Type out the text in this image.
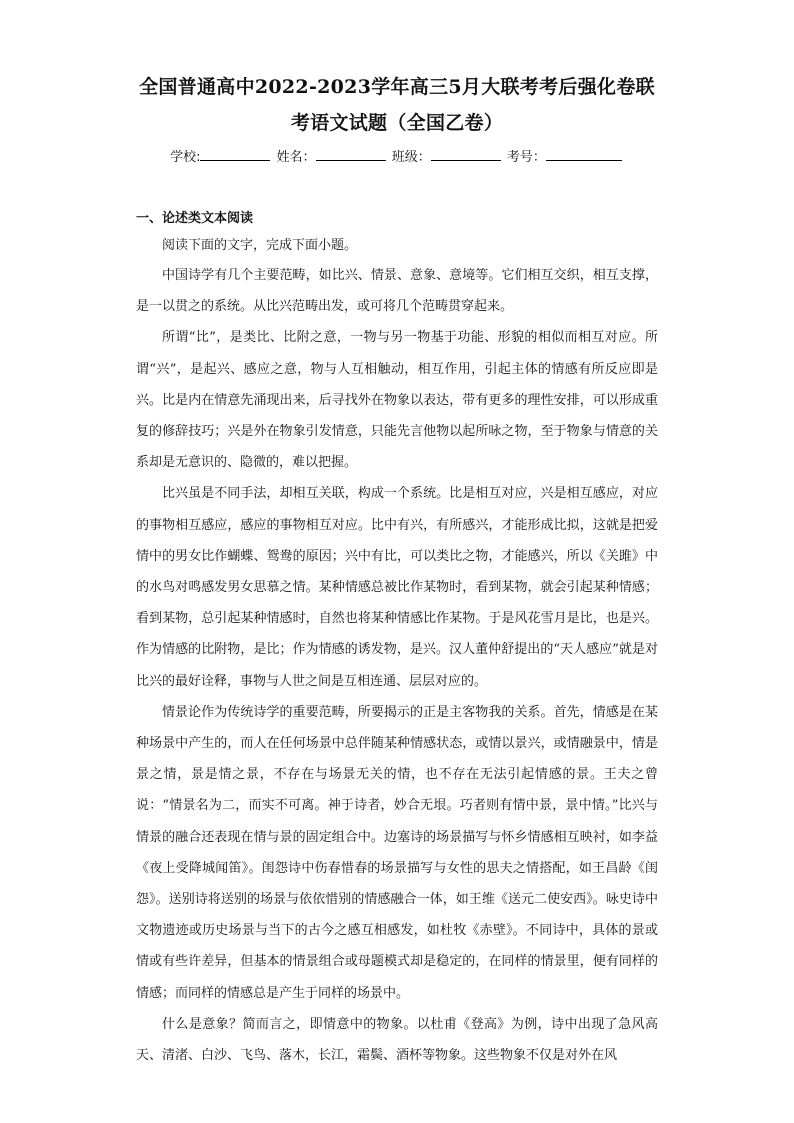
全国普通高中2022-2023学年高三5月大联考考后强化卷联
考语文试题（全国乙卷）
学校:	姓名：	班级：	考号：
一、论述类文本阅读
阅读下面的文字，完成下面小题。

中国诗学有几个主要范畴，如比兴、情景、意象、意境等。它们相互交织，相互支撑，是一以贯之的系统。从比兴范畴出发，或可将几个范畴贯穿起来。

所谓“比”，是类比、比附之意，一物与另一物基于功能、形貌的相似而相互对应。所谓“兴”，是起兴、感应之意，物与人互相触动，相互作用，引起主体的情感有所反应即是兴。比是内在情意先涌现出来，后寻找外在物象以表达，带有更多的理性安排，可以形成重复的修辞技巧；兴是外在物象引发情意，只能先言他物以起所咏之物，至于物象与情意的关系却是无意识的、隐微的，难以把握。

比兴虽是不同手法，却相互关联，构成一个系统。比是相互对应，兴是相互感应，对应的事物相互感应，感应的事物相互对应。比中有兴，有所感兴，才能形成比拟，这就是把爱情中的男女比作蝴蝶、鸳鸯的原因；兴中有比，可以类比之物，才能感兴，所以《关雎》中的水鸟对鸣感发男女思慕之情。某种情感总被比作某物时，看到某物，就会引起某种情感；看到某物，总引起某种情感时，自然也将某种情感比作某物。于是风花雪月是比，也是兴。作为情感的比附物，是比；作为情感的诱发物，是兴。汉人董仲舒提出的“天人感应”就是对比兴的最好诠释，事物与人世之间是互相连通、层层对应的。

情景论作为传统诗学的重要范畴，所要揭示的正是主客物我的关系。首先，情感是在某种场景中产生的，而人在任何场景中总伴随某种情感状态，或情以景兴，或情融景中，情是景之情，景是情之景，不存在与场景无关的情，也不存在无法引起情感的景。王夫之曾说：“情景名为二，而实不可离。神于诗者，妙合无垠。巧者则有情中景，景中情。”比兴与情景的融合还表现在情与景的固定组合中。边塞诗的场景描写与怀乡情感相互映衬，如李益《夜上受降城闻笛》。闺怨诗中伤春惜春的场景描写与女性的思夫之情搭配，如王昌龄《闺怨》。送别诗将送别的场景与依依惜别的情感融合一体，如王维《送元二使安西》。咏史诗中文物遗迹或历史场景与当下的古今之感互相感发，如杜牧《赤壁》。不同诗中，具体的景或情或有些许差异，但基本的情景组合或母题模式却是稳定的，在同样的情景里，便有同样的情感；而同样的情感总是产生于同样的场景中。

什么是意象？简而言之，即情意中的物象。以杜甫《登高》为例，诗中出现了急风高天、清渚、白沙、飞鸟、落木，长江，霜鬓、酒杯等物象。这些物象不仅是对外在风
